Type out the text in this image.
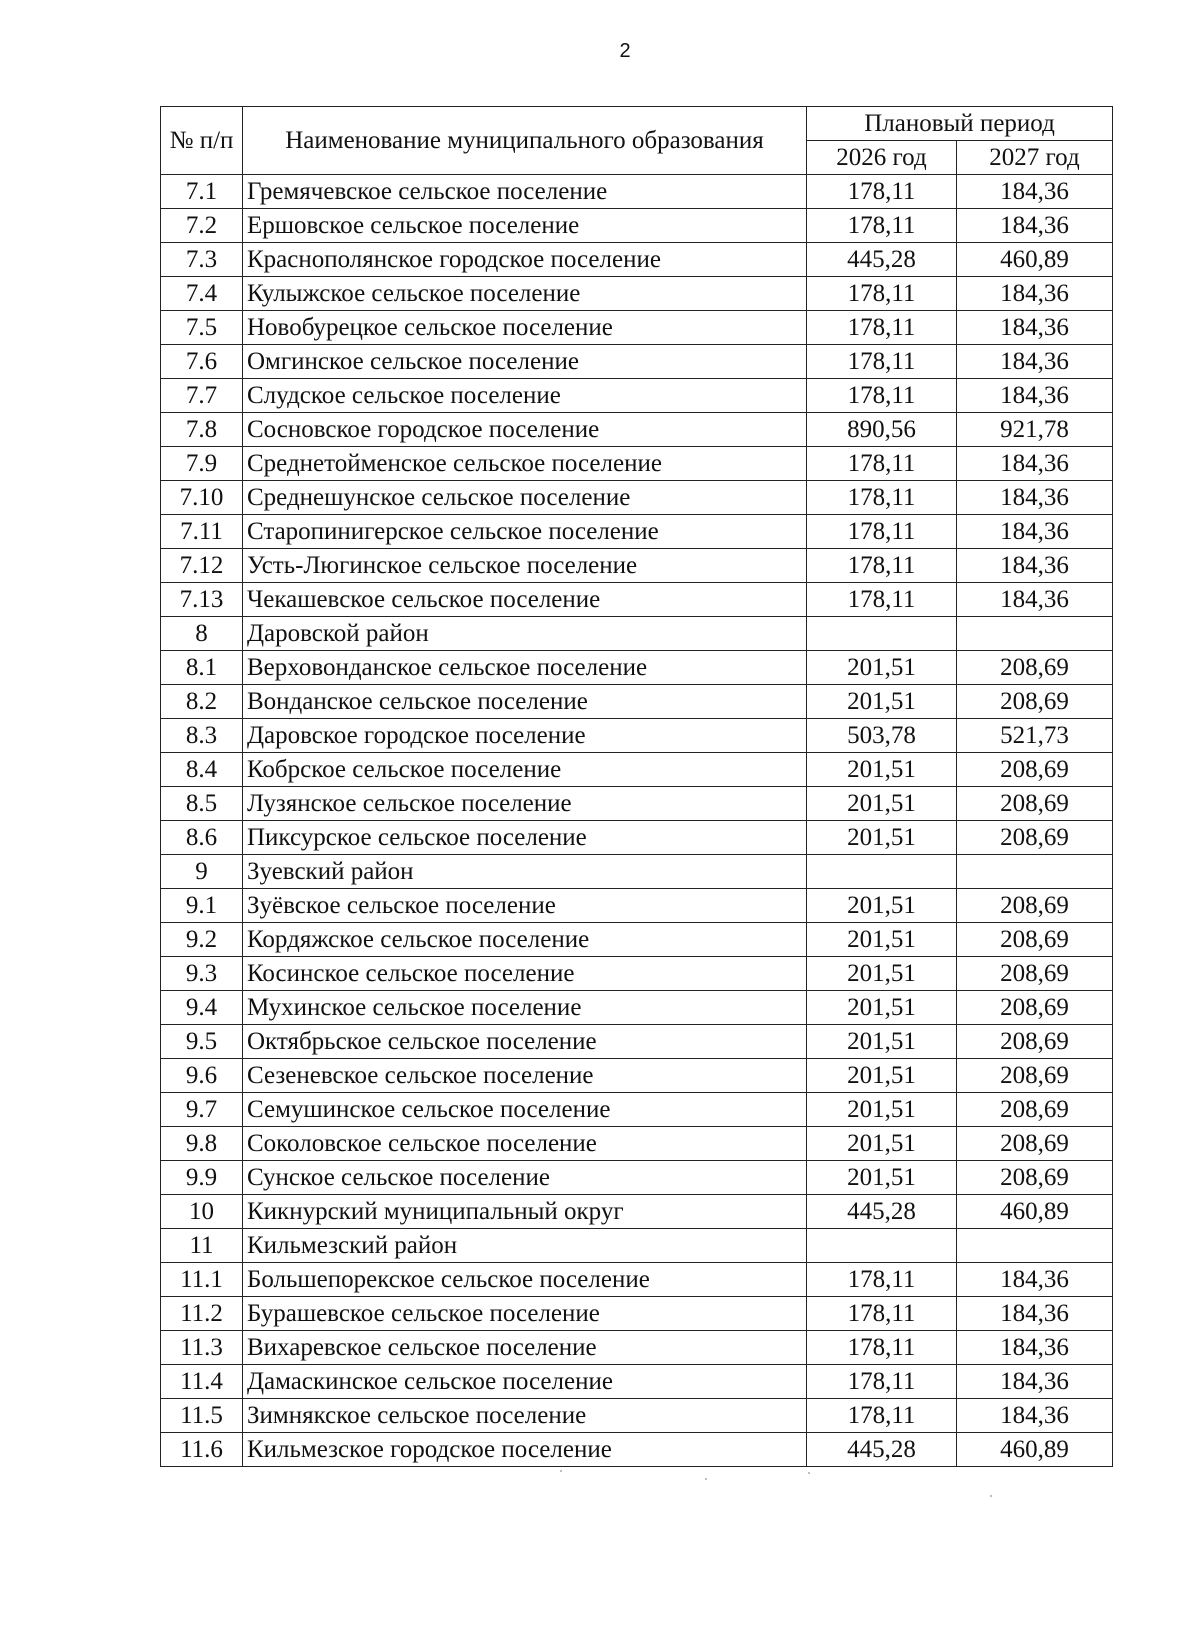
2
№ п/п	Наименование муниципального образования	Плановый период	
		2026 год	2027 год
7.1	Гремячевское сельское поселение	178,11	184,36
7.2	Ершовское сельское поселение	178,11	184,36
7.3	Краснополянское городское поселение	445,28	460,89
7.4	Кулыжское сельское поселение	178,11	184,36
7.5	Новобурецкое сельское поселение	178,11	184,36
7.6	Омгинское сельское поселение	178,11	184,36
7.7	Слудское сельское поселение	178,11	184,36
7.8	Сосновское городское поселение	890,56	921,78
7.9	Среднетойменское сельское поселение	178,11	184,36
7.10	Среднешунское сельское поселение	178,11	184,36
7.11	Старопинигерское сельское поселение	178,11	184,36
7.12	Усть-Люгинское сельское поселение	178,11	184,36
7.13	Чекашевское сельское поселение	178,11	184,36
8	Даровской район		
8.1	Верховонданское сельское поселение	201,51	208,69
8.2	Вонданское сельское поселение	201,51	208,69
8.3	Даровское городское поселение	503,78	521,73
8.4	Кобрское сельское поселение	201,51	208,69
8.5	Лузянское сельское поселение	201,51	208,69
8.6	Пиксурское сельское поселение	201,51	208,69
9	Зуевский район		
9.1	Зуёвское сельское поселение	201,51	208,69
9.2	Кордяжское сельское поселение	201,51	208,69
9.3	Косинское сельское поселение	201,51	208,69
9.4	Мухинское сельское поселение	201,51	208,69
9.5	Октябрьское сельское поселение	201,51	208,69
9.6	Сезеневское сельское поселение	201,51	208,69
9.7	Семушинское сельское поселение	201,51	208,69
9.8	Соколовское сельское поселение	201,51	208,69
9.9	Сунское сельское поселение	201,51	208,69
10	Кикнурский муниципальный округ	445,28	460,89
11	Кильмезский район		
11.1	Большепорекское сельское поселение	178,11	184,36
11.2	Бурашевское сельское поселение	178,11	184,36
11.3	Вихаревское сельское поселение	178,11	184,36
11.4	Дамаскинское сельское поселение	178,11	184,36
11.5	Зимнякское сельское поселение	178,11	184,36
11.6	Кильмезское городское поселение	445,28	460,89
